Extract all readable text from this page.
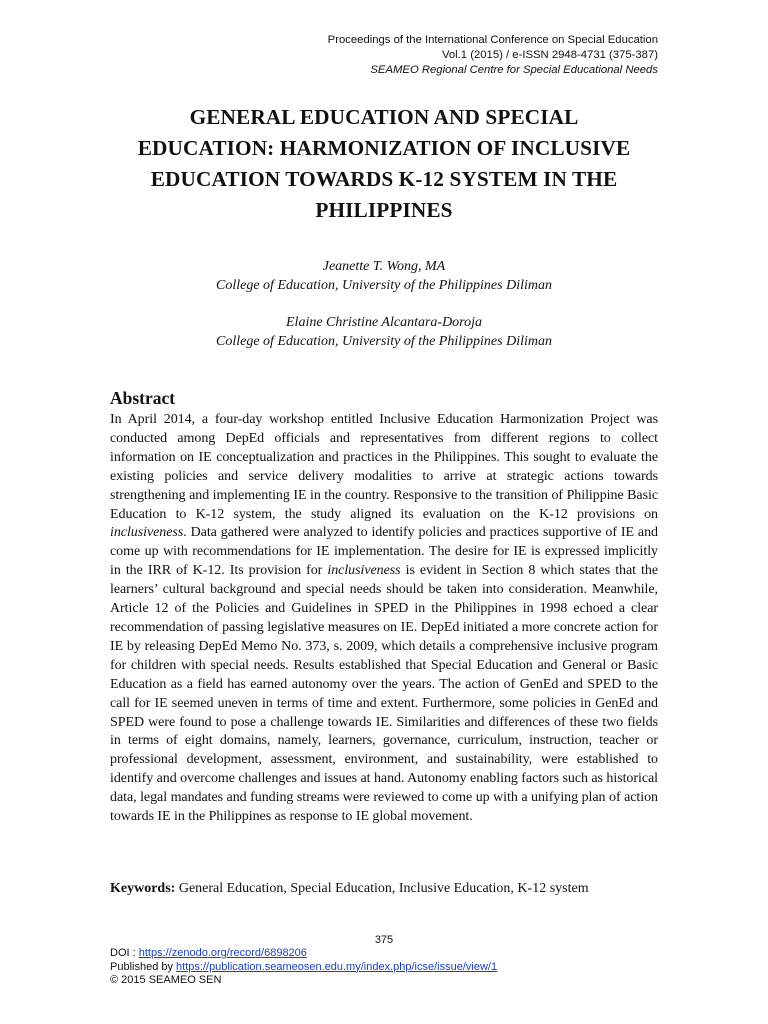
Proceedings of the International Conference on Special Education
Vol.1 (2015) / e-ISSN 2948-4731 (375-387)
SEAMEO Regional Centre for Special Educational Needs
GENERAL EDUCATION AND SPECIAL
EDUCATION: HARMONIZATION OF INCLUSIVE
EDUCATION TOWARDS K-12 SYSTEM IN THE
PHILIPPINES
Jeanette T. Wong, MA
College of Education, University of the Philippines Diliman
Elaine Christine Alcantara-Doroja
College of Education, University of the Philippines Diliman
Abstract
In April 2014, a four-day workshop entitled Inclusive Education Harmonization Project was conducted among DepEd officials and representatives from different regions to collect information on IE conceptualization and practices in the Philippines. This sought to evaluate the existing policies and service delivery modalities to arrive at strategic actions towards strengthening and implementing IE in the country. Responsive to the transition of Philippine Basic Education to K-12 system, the study aligned its evaluation on the K-12 provisions on inclusiveness. Data gathered were analyzed to identify policies and practices supportive of IE and come up with recommendations for IE implementation. The desire for IE is expressed implicitly in the IRR of K-12. Its provision for inclusiveness is evident in Section 8 which states that the learners’ cultural background and special needs should be taken into consideration. Meanwhile, Article 12 of the Policies and Guidelines in SPED in the Philippines in 1998 echoed a clear recommendation of passing legislative measures on IE. DepEd initiated a more concrete action for IE by releasing DepEd Memo No. 373, s. 2009, which details a comprehensive inclusive program for children with special needs. Results established that Special Education and General or Basic Education as a field has earned autonomy over the years. The action of GenEd and SPED to the call for IE seemed uneven in terms of time and extent. Furthermore, some policies in GenEd and SPED were found to pose a challenge towards IE. Similarities and differences of these two fields in terms of eight domains, namely, learners, governance, curriculum, instruction, teacher or professional development, assessment, environment, and sustainability, were established to identify and overcome challenges and issues at hand. Autonomy enabling factors such as historical data, legal mandates and funding streams were reviewed to come up with a unifying plan of action towards IE in the Philippines as response to IE global movement.
Keywords: General Education, Special Education, Inclusive Education, K-12 system
375
DOI : https://zenodo.org/record/6898206
Published by https://publication.seameosen.edu.my/index.php/icse/issue/view/1
© 2015 SEAMEO SEN
